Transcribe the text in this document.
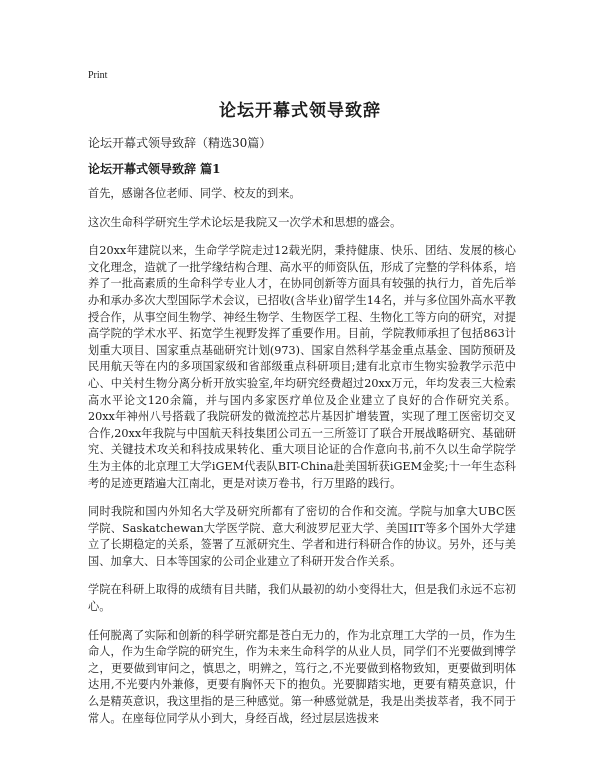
Print
论坛开幕式领导致辞
论坛开幕式领导致辞（精选30篇）
论坛开幕式领导致辞 篇1

首先，感谢各位老师、同学、校友的到来。

这次生命科学研究生学术论坛是我院又一次学术和思想的盛会。

自20xx年建院以来，生命学学院走过12载光阴，秉持健康、快乐、团结、发展的核心文化理念，造就了一批学缘结构合理、高水平的师资队伍，形成了完整的学科体系，培养了一批高素质的生命科学专业人才，在协同创新等方面具有较强的执行力，首先后举办和承办多次大型国际学术会议，已招收(含毕业)留学生14名，并与多位国外高水平教授合作，从事空间生物学、神经生物学、生物医学工程、生物化工等方向的研究，对提高学院的学术水平、拓宽学生视野发挥了重要作用。目前，学院教师承担了包括863计划重大项目、国家重点基础研究计划(973)、国家自然科学基金重点基金、国防预研及民用航天等在内的多项国家级和省部级重点科研项目;建有北京市生物实验教学示范中心、中关村生物分离分析开放实验室,年均研究经费超过20xx万元，年均发表三大检索高水平论文120余篇，并与国内多家医疗单位及企业建立了良好的合作研究关系。20xx年神州八号搭载了我院研发的微流控芯片基因扩增装置，实现了理工医密切交叉合作,20xx年我院与中国航天科技集团公司五一三所签订了联合开展战略研究、基础研究、关键技术攻关和科技成果转化、重大项目论证的合作意向书,前不久以生命学院学生为主体的北京理工大学iGEM代表队BIT-China赴美国斩获iGEM金奖;十一年生态科考的足迹更踏遍大江南北，更是对读万卷书，行万里路的践行。

同时我院和国内外知名大学及研究所都有了密切的合作和交流。学院与加拿大UBC医学院、Saskatchewan大学医学院、意大利波罗尼亚大学、美国IIT等多个国外大学建立了长期稳定的关系，签署了互派研究生、学者和进行科研合作的协议。另外，还与美国、加拿大、日本等国家的公司企业建立了科研开发合作关系。

学院在科研上取得的成绩有目共睹，我们从最初的幼小变得壮大，但是我们永远不忘初心。

任何脱离了实际和创新的科学研究都是苍白无力的，作为北京理工大学的一员，作为生命人，作为生命学院的研究生，作为未来生命科学的从业人员，同学们不光要做到博学之，更要做到审问之，慎思之，明辨之，笃行之,不光要做到格物致知，更要做到明体达用,不光要内外兼修，更要有胸怀天下的抱负。光要脚踏实地，更要有精英意识，什么是精英意识，我这里指的是三种感觉。第一种感觉就是，我是出类拔萃者，我不同于常人。在座每位同学从小到大，身经百战，经过层层选拔来
